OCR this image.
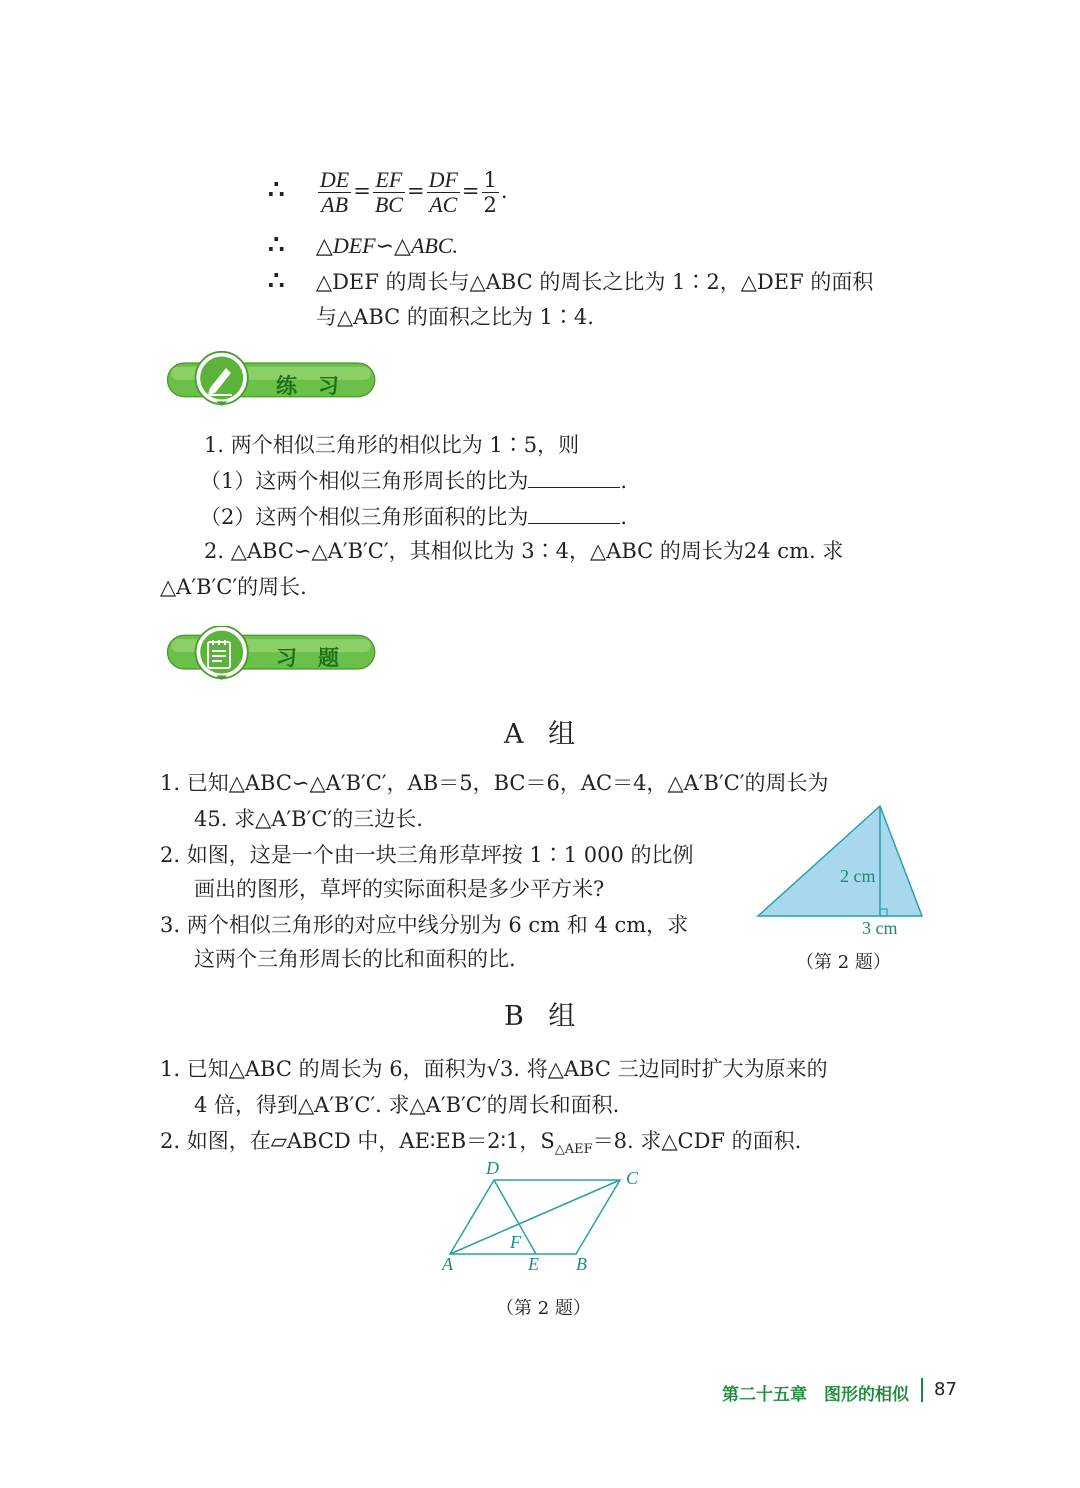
∴ $\frac{DE}{AB} = \frac{EF}{BC} = \frac{DF}{AC} = \frac{1}{2}$ .
∴ △DEF∽△ABC.
∴ △DEF 的周长与△ABC 的周长之比为 1∶2，△DEF 的面积
与△ABC 的面积之比为 1∶4.
练　习
1. 两个相似三角形的相似比为 1∶5，则
（1）这两个相似三角形周长的比为	.
（2）这两个相似三角形面积的比为	.
2. △ABC∽△A′B′C′，其相似比为 3∶4，△ABC 的周长为24 cm. 求
△A′B′C′的周长.
习　题
A 组
1. 已知△ABC∽△A′B′C′，AB＝5，BC＝6，AC＝4，△A′B′C′的周长为
45. 求△A′B′C′的三边长.
2. 如图，这是一个由一块三角形草坪按 1∶1 000 的比例
画出的图形，草坪的实际面积是多少平方米?
3. 两个相似三角形的对应中线分别为 6 cm 和 4 cm，求
这两个三角形周长的比和面积的比.
2 cm
3 cm
（第 2 题）
B 组
1. 已知△ABC 的周长为 6，面积为√3. 将△ABC 三边同时扩大为原来的
4 倍，得到△A′B′C′. 求△A′B′C′的周长和面积.
2. 如图，在▱ABCD 中，AE∶EB＝2∶1，$S_{\triangle AEF}=8$. 求△CDF 的面积.
D	C
F
A	E B
（第 2 题）
第二十五章　图形的相似 87
